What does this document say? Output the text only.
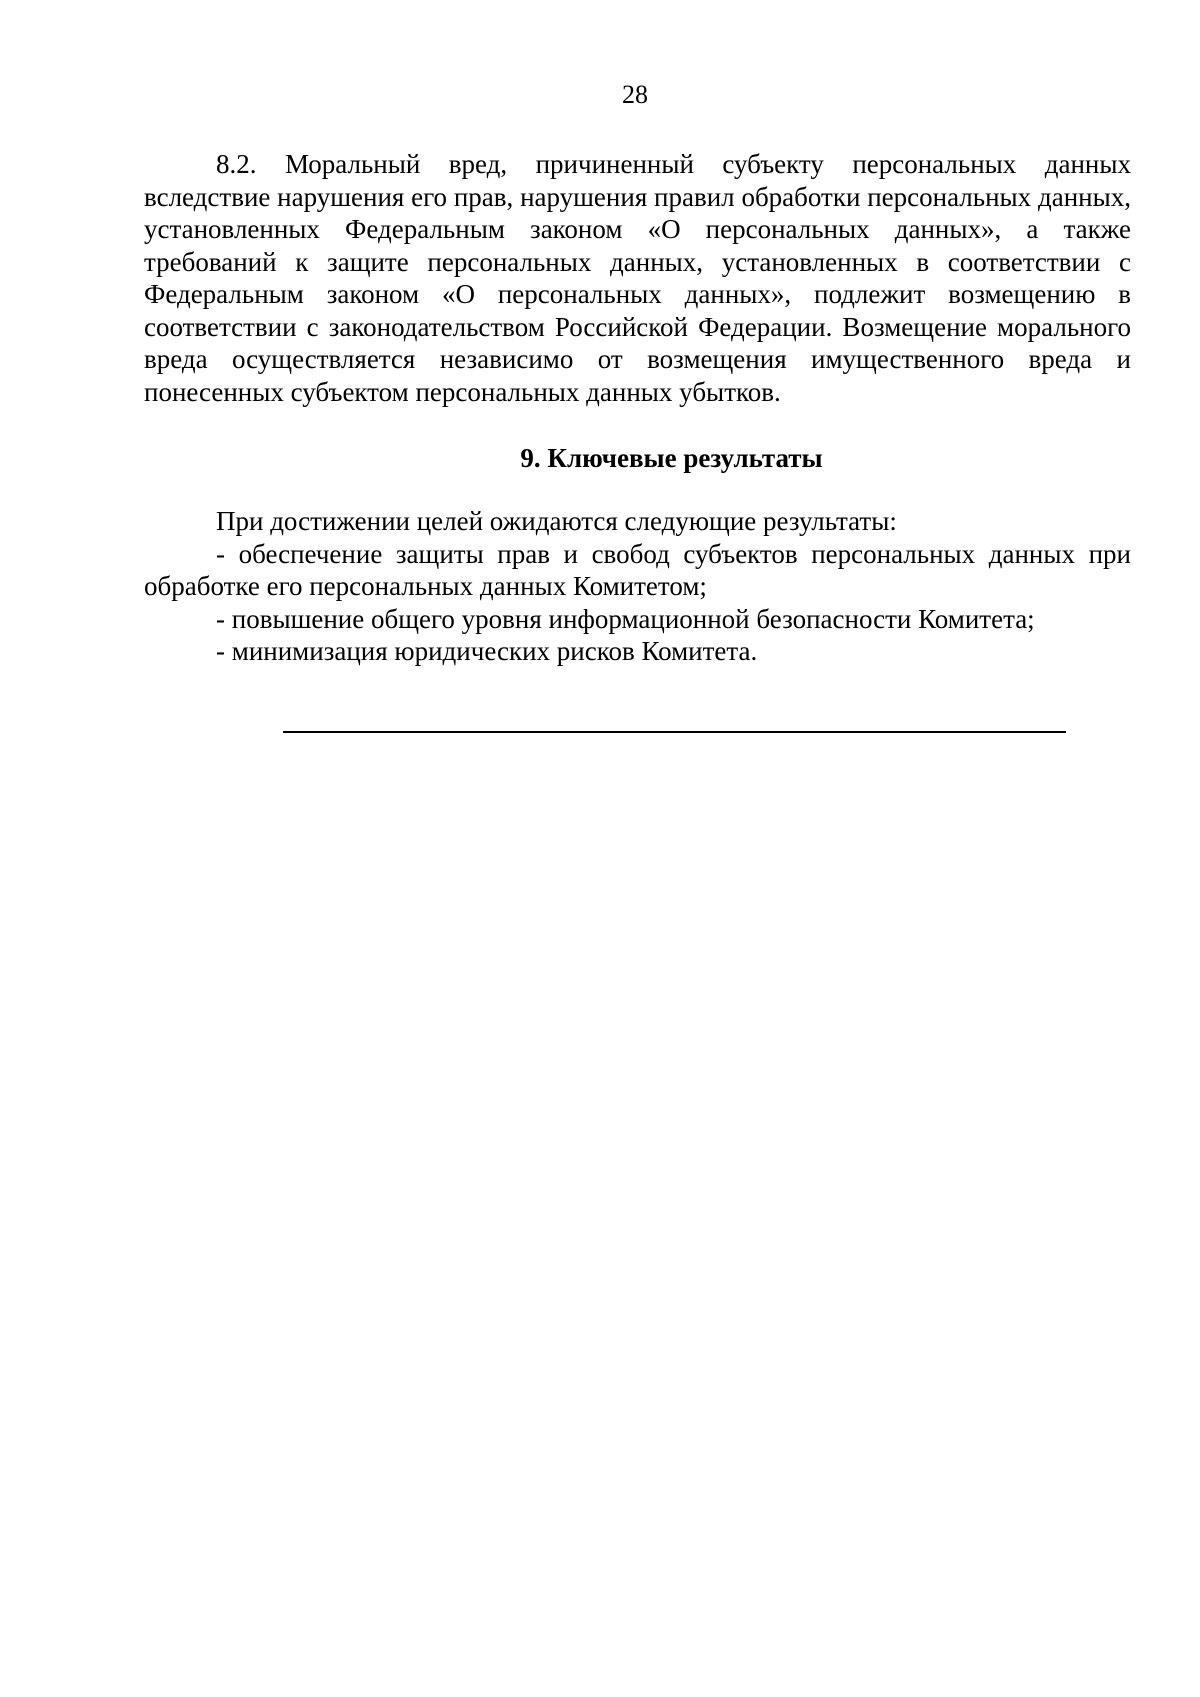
28

8.2. Моральный вред, причиненный субъекту персональных данных вследствие нарушения его прав, нарушения правил обработки персональных данных, установленных Федеральным законом «О персональных данных», а также требований к защите персональных данных, установленных в соответствии с Федеральным законом «О персональных данных», подлежит возмещению в соответствии с законодательством Российской Федерации. Возмещение морального вреда осуществляется независимо от возмещения имущественного вреда и понесенных субъектом персональных данных убытков.

9. Ключевые результаты

При достижении целей ожидаются следующие результаты:

- обеспечение защиты прав и свобод субъектов персональных данных при обработке его персональных данных Комитетом;

- повышение общего уровня информационной безопасности Комитета;

- минимизация юридических рисков Комитета.
